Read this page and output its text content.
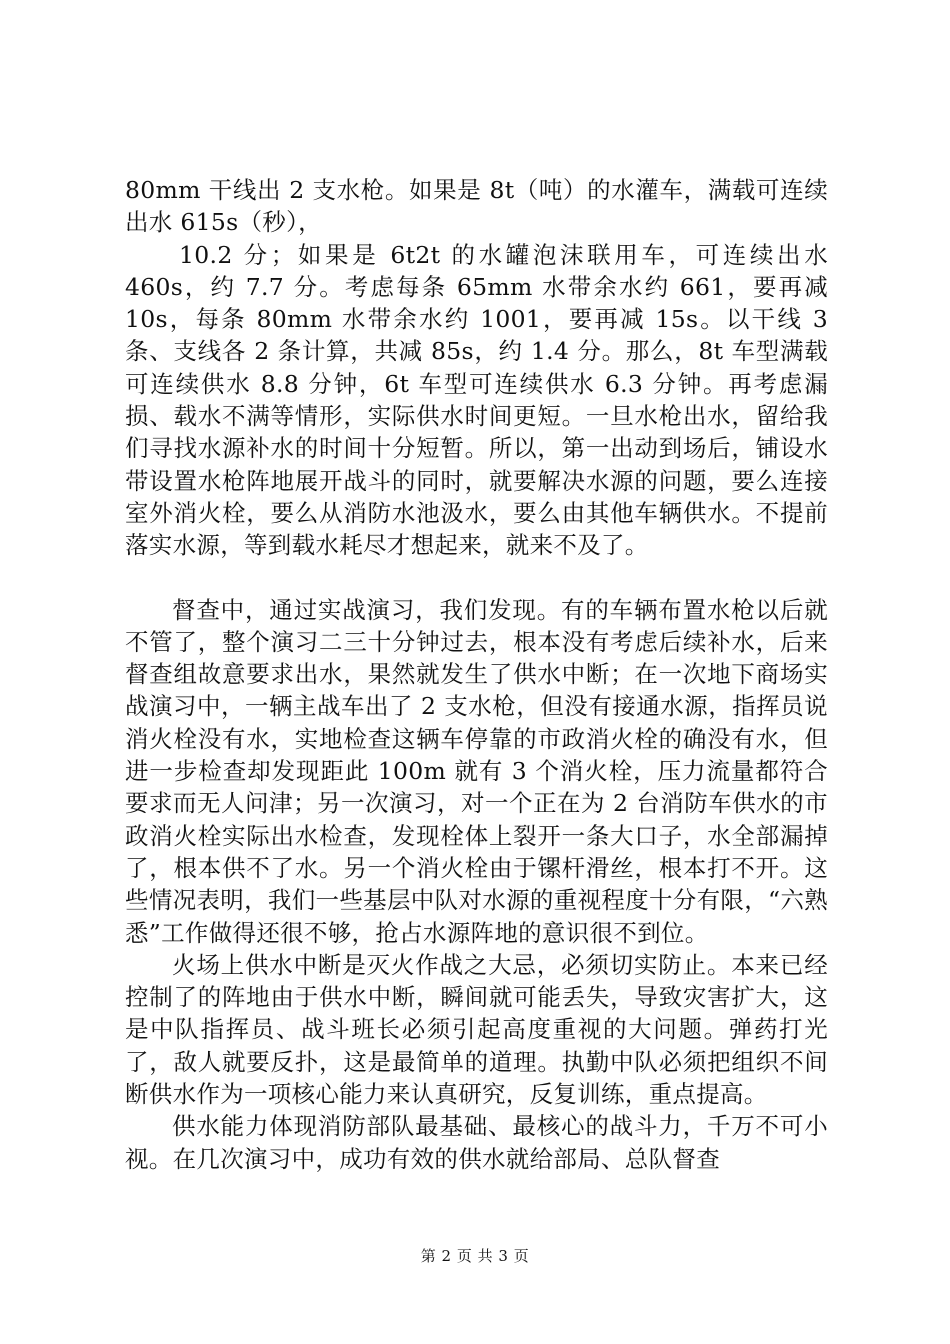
80mm 干线出 2 支水枪。如果是 8t（吨）的水灌车，满载可连续出水 615s（秒），

10.2 分；如果是 6t2t 的水罐泡沫联用车，可连续出水 460s，约 7.7 分。考虑每条 65mm 水带余水约 661，要再减 10s，每条 80mm 水带余水约 1001，要再减 15s。以干线 3 条、支线各 2 条计算，共减 85s，约 1.4 分。那么，8t 车型满载可连续供水 8.8 分钟，6t 车型可连续供水 6.3 分钟。再考虑漏损、载水不满等情形，实际供水时间更短。一旦水枪出水，留给我们寻找水源补水的时间十分短暂。所以，第一出动到场后，铺设水带设置水枪阵地展开战斗的同时，就要解决水源的问题，要么连接室外消火栓，要么从消防水池汲水，要么由其他车辆供水。不提前落实水源，等到载水耗尽才想起来，就来不及了。

督查中，通过实战演习，我们发现。有的车辆布置水枪以后就不管了，整个演习二三十分钟过去，根本没有考虑后续补水，后来督查组故意要求出水，果然就发生了供水中断；在一次地下商场实战演习中，一辆主战车出了 2 支水枪，但没有接通水源，指挥员说消火栓没有水，实地检查这辆车停靠的市政消火栓的确没有水，但进一步检查却发现距此 100m 就有 3 个消火栓，压力流量都符合要求而无人问津；另一次演习，对一个正在为 2 台消防车供水的市政消火栓实际出水检查，发现栓体上裂开一条大口子，水全部漏掉了，根本供不了水。另一个消火栓由于镙杆滑丝，根本打不开。这些情况表明，我们一些基层中队对水源的重视程度十分有限，“六熟悉”工作做得还很不够，抢占水源阵地的意识很不到位。

火场上供水中断是灭火作战之大忌，必须切实防止。本来已经控制了的阵地由于供水中断，瞬间就可能丢失，导致灾害扩大，这是中队指挥员、战斗班长必须引起高度重视的大问题。弹药打光了，敌人就要反扑，这是最简单的道理。执勤中队必须把组织不间断供水作为一项核心能力来认真研究，反复训练，重点提高。

供水能力体现消防部队最基础、最核心的战斗力，千万不可小视。在几次演习中，成功有效的供水就给部局、总队督查

第 2 页 共 3 页
